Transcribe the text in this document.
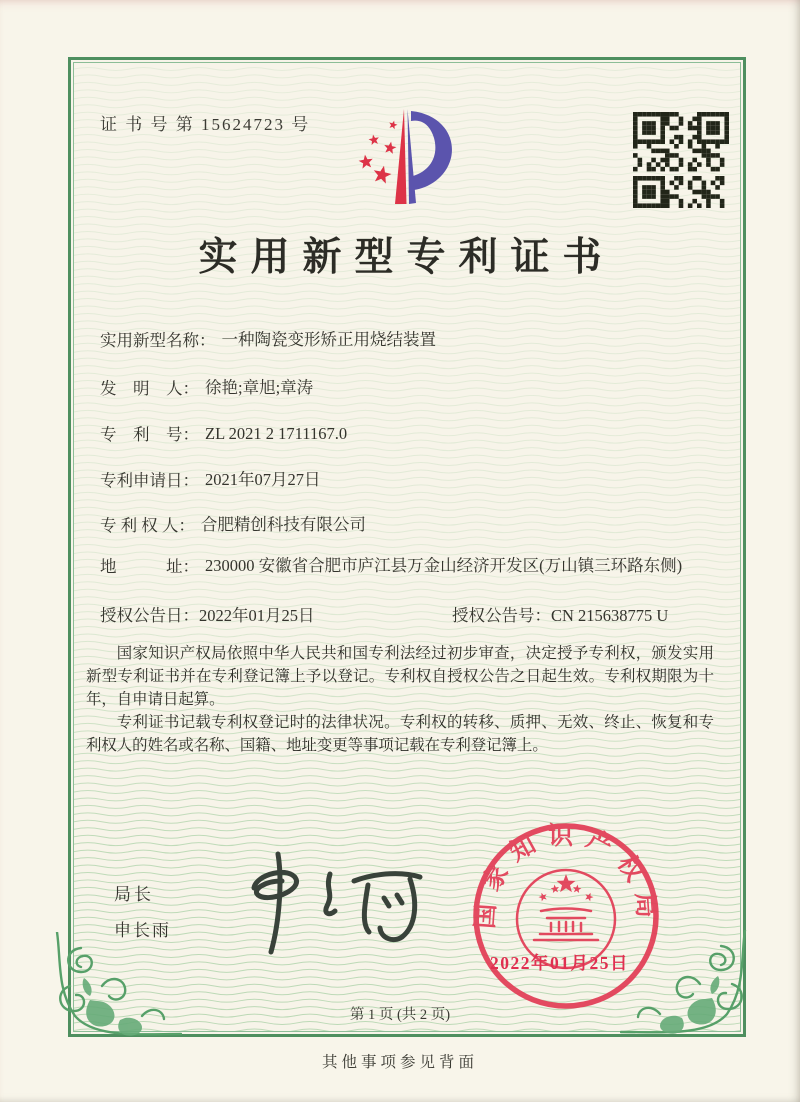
证 书 号 第 15624723 号
实用新型专利证书
实用新型名称： 一种陶瓷变形矫正用烧结装置
发　明　人： 徐艳;章旭;章涛
专　利　号： ZL 2021 2 1711167.0
专利申请日： 2021年07月27日
专 利 权 人： 合肥精创科技有限公司
地　　　址： 230000 安徽省合肥市庐江县万金山经济开发区(万山镇三环路东侧)
授权公告日：2022年01月25日	授权公告号：CN 215638775 U

国家知识产权局依照中华人民共和国专利法经过初步审查，决定授予专利权，颁发实用新型专利证书并在专利登记簿上予以登记。专利权自授权公告之日起生效。专利权期限为十年，自申请日起算。

专利证书记载专利权登记时的法律状况。专利权的转移、质押、无效、终止、恢复和专利权人的姓名或名称、国籍、地址变更等事项记载在专利登记簿上。

局长
申长雨
国家知识产权局
2022年01月25日
第 1 页 (共 2 页)
其他事项参见背面
